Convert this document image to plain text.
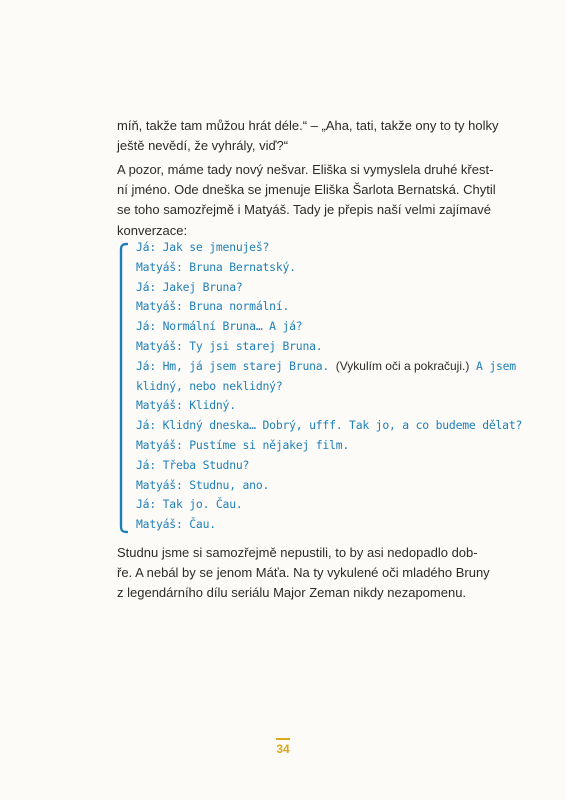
míň, takže tam můžou hrát déle.“ – „Aha, tati, takže ony to ty holky
ještě nevědí, že vyhrály, viď?“

A pozor, máme tady nový nešvar. Eliška si vymyslela druhé křest-
ní jméno. Ode dneška se jmenuje Eliška Šarlota Bernatská. Chytil
se toho samozřejmě i Matyáš. Tady je přepis naší velmi zajímavé
konverzace:

Já: Jak se jmenuješ?
Matyáš: Bruna Bernatský.
Já: Jakej Bruna?
Matyáš: Bruna normální.
Já: Normální Bruna… A já?
Matyáš: Ty jsi starej Bruna.
Já: Hm, já jsem starej Bruna. (Vykulím oči a pokračuji.) A jsem
klidný, nebo neklidný?
Matyáš: Klidný.
Já: Klidný dneska… Dobrý, ufff. Tak jo, a co budeme dělat?
Matyáš: Pustíme si nějakej film.
Já: Třeba Studnu?
Matyáš: Studnu, ano.
Já: Tak jo. Čau.
Matyáš: Čau.

Studnu jsme si samozřejmě nepustili, to by asi nedopadlo dob-
ře. A nebál by se jenom Máťa. Na ty vykulené oči mladého Bruny
z legendárního dílu seriálu Major Zeman nikdy nezapomenu.

34
